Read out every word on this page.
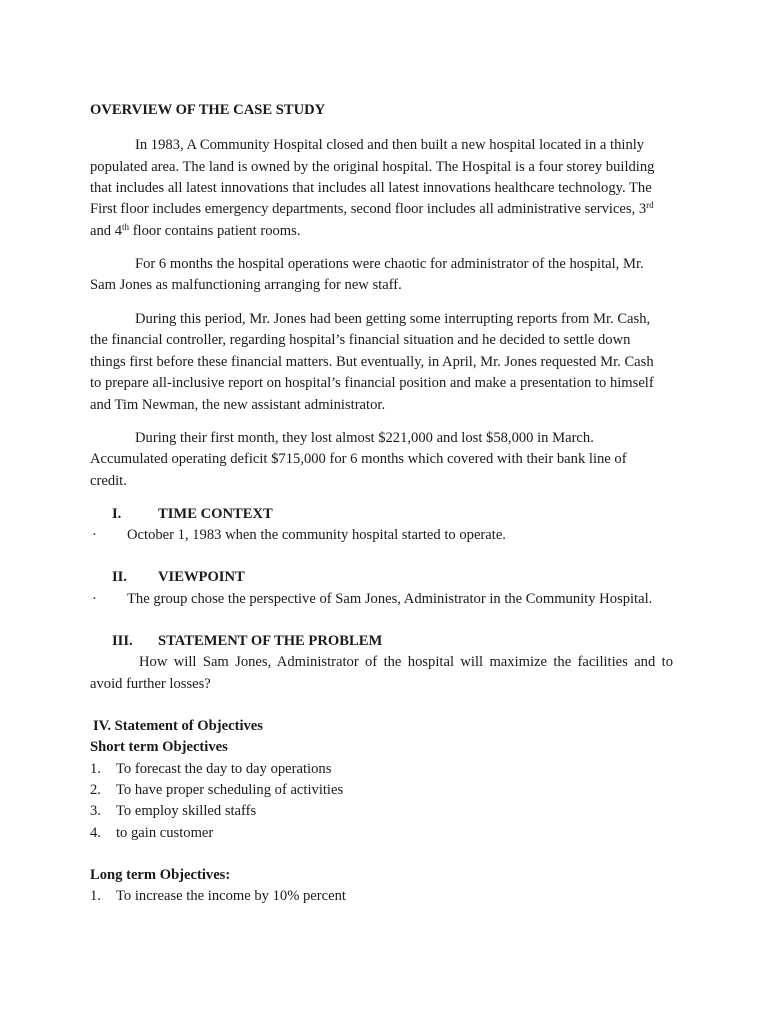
OVERVIEW OF THE CASE STUDY
In 1983, A Community Hospital closed and then built a new hospital located in a thinly
populated area. The land is owned by the original hospital. The Hospital is a four storey building
that includes all latest innovations that includes all latest innovations healthcare technology. The
First floor includes emergency departments, second floor includes all administrative services, 3rd
and 4th floor contains patient rooms.
For 6 months the hospital operations were chaotic for administrator of the hospital, Mr.
Sam Jones as malfunctioning arranging for new staff.
During this period, Mr. Jones had been getting some interrupting reports from Mr. Cash,
the financial controller, regarding hospital’s financial situation and he decided to settle down
things first before these financial matters. But eventually, in April, Mr. Jones requested Mr. Cash
to prepare all-inclusive report on hospital’s financial position and make a presentation to himself
and Tim Newman, the new assistant administrator.
During their first month, they lost almost $221,000 and lost $58,000 in March.
Accumulated operating deficit $715,000 for 6 months which covered with their bank line of
credit.
I.	TIME CONTEXT
· October 1, 1983 when the community hospital started to operate.
II. VIEWPOINT
· The group chose the perspective of Sam Jones, Administrator in the Community Hospital.
III. STATEMENT OF THE PROBLEM
How will Sam Jones, Administrator of the hospital will maximize the facilities and to
avoid further losses?
IV. Statement of Objectives
Short term Objectives
1. To forecast the day to day operations
2. To have proper scheduling of activities
3. To employ skilled staffs
4. to gain customer
Long term Objectives:
1. To increase the income by 10% percent
